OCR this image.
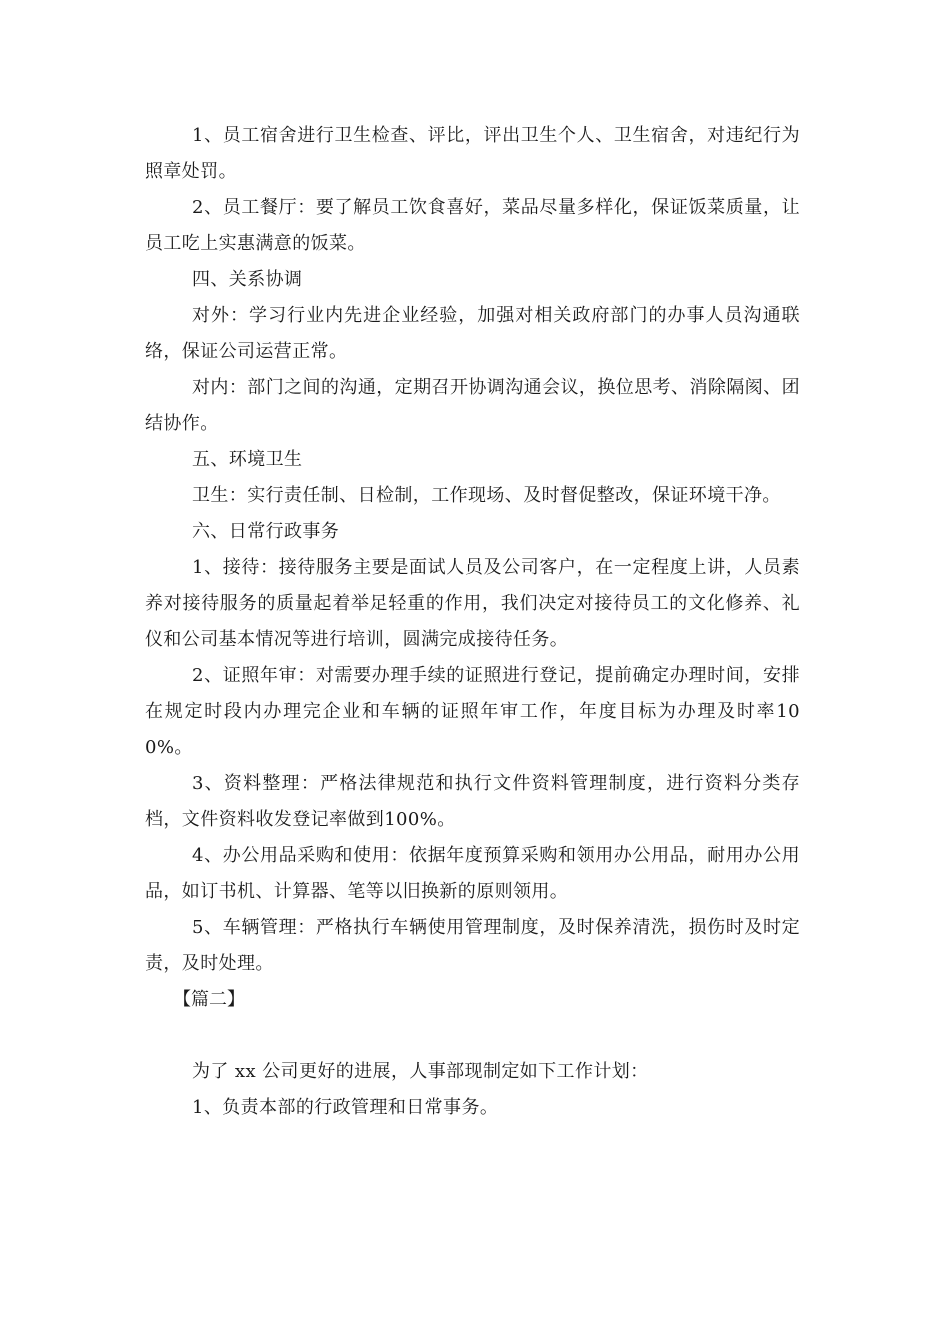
1、员工宿舍进行卫生检查、评比，评出卫生个人、卫生宿舍，对违纪行为照章处罚。

2、员工餐厅：要了解员工饮食喜好，菜品尽量多样化，保证饭菜质量，让员工吃上实惠满意的饭菜。

四、关系协调

对外：学习行业内先进企业经验，加强对相关政府部门的办事人员沟通联络，保证公司运营正常。

对内：部门之间的沟通，定期召开协调沟通会议，换位思考、消除隔阂、团结协作。

五、环境卫生

卫生：实行责任制、日检制，工作现场、及时督促整改，保证环境干净。

六、日常行政事务

1、接待：接待服务主要是面试人员及公司客户，在一定程度上讲，人员素养对接待服务的质量起着举足轻重的作用，我们决定对接待员工的文化修养、礼仪和公司基本情况等进行培训，圆满完成接待任务。

2、证照年审：对需要办理手续的证照进行登记，提前确定办理时间，安排在规定时段内办理完企业和车辆的证照年审工作，年度目标为办理及时率100%。

3、资料整理：严格法律规范和执行文件资料管理制度，进行资料分类存档，文件资料收发登记率做到100%。

4、办公用品采购和使用：依据年度预算采购和领用办公用品，耐用办公用品，如订书机、计算器、笔等以旧换新的原则领用。

5、车辆管理：严格执行车辆使用管理制度，及时保养清洗，损伤时及时定责，及时处理。

【篇二】

为了 xx 公司更好的进展，人事部现制定如下工作计划：

1、负责本部的行政管理和日常事务。
